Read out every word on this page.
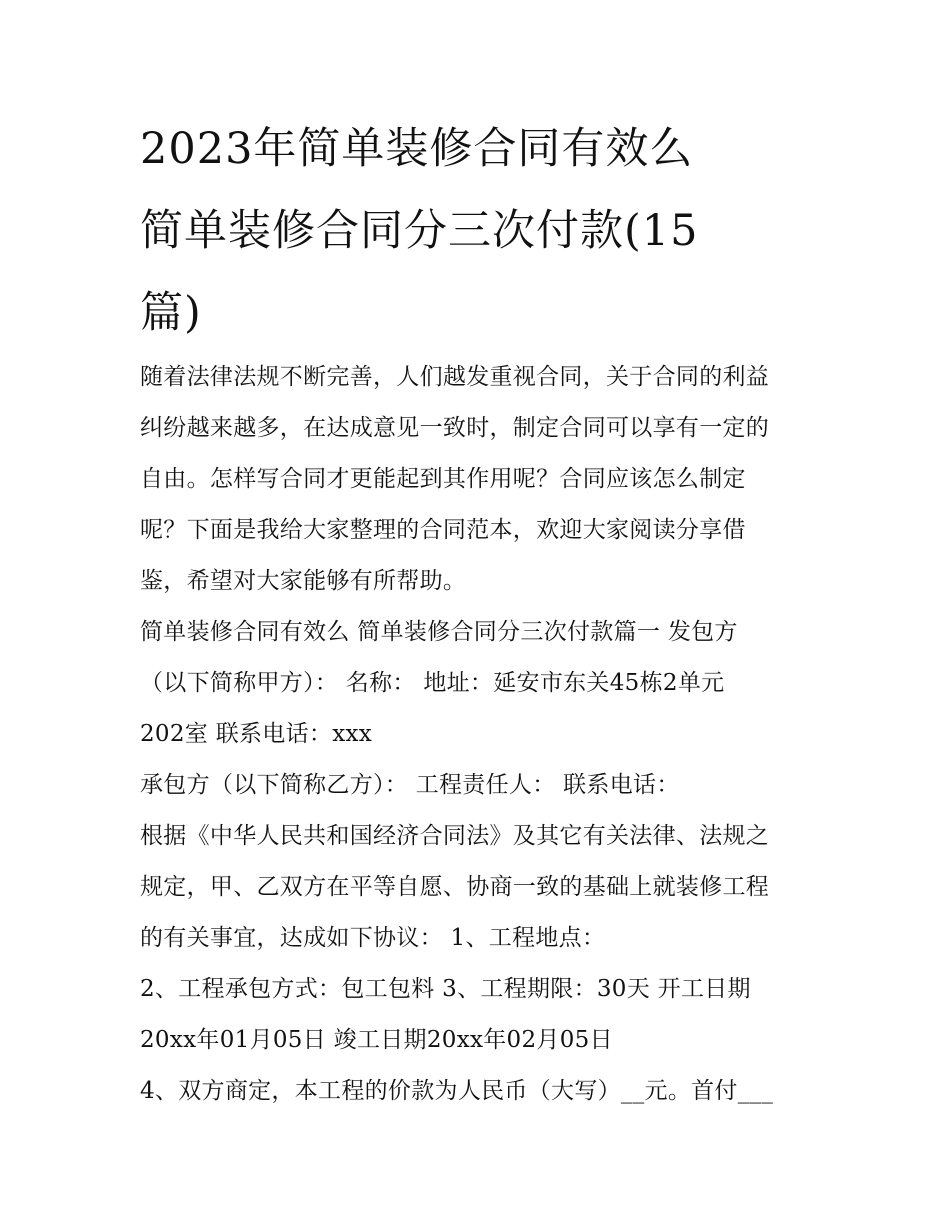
2023年简单装修合同有效么
简单装修合同分三次付款(15
篇)
随着法律法规不断完善，人们越发重视合同，关于合同的利益
纠纷越来越多，在达成意见一致时，制定合同可以享有一定的
自由。怎样写合同才更能起到其作用呢？合同应该怎么制定
呢？下面是我给大家整理的合同范本，欢迎大家阅读分享借
鉴，希望对大家能够有所帮助。
简单装修合同有效么 简单装修合同分三次付款篇一 发包方
（以下简称甲方）： 名称： 地址：延安市东关45栋2单元
202室 联系电话：xxx
承包方（以下简称乙方）： 工程责任人： 联系电话：
根据《中华人民共和国经济合同法》及其它有关法律、法规之
规定，甲、乙双方在平等自愿、协商一致的基础上就装修工程
的有关事宜，达成如下协议： 1、工程地点：
2、工程承包方式：包工包料 3、工程期限：30天 开工日期
20xx年01月05日 竣工日期20xx年02月05日
4、双方商定，本工程的价款为人民币（大写）__元。首付___
